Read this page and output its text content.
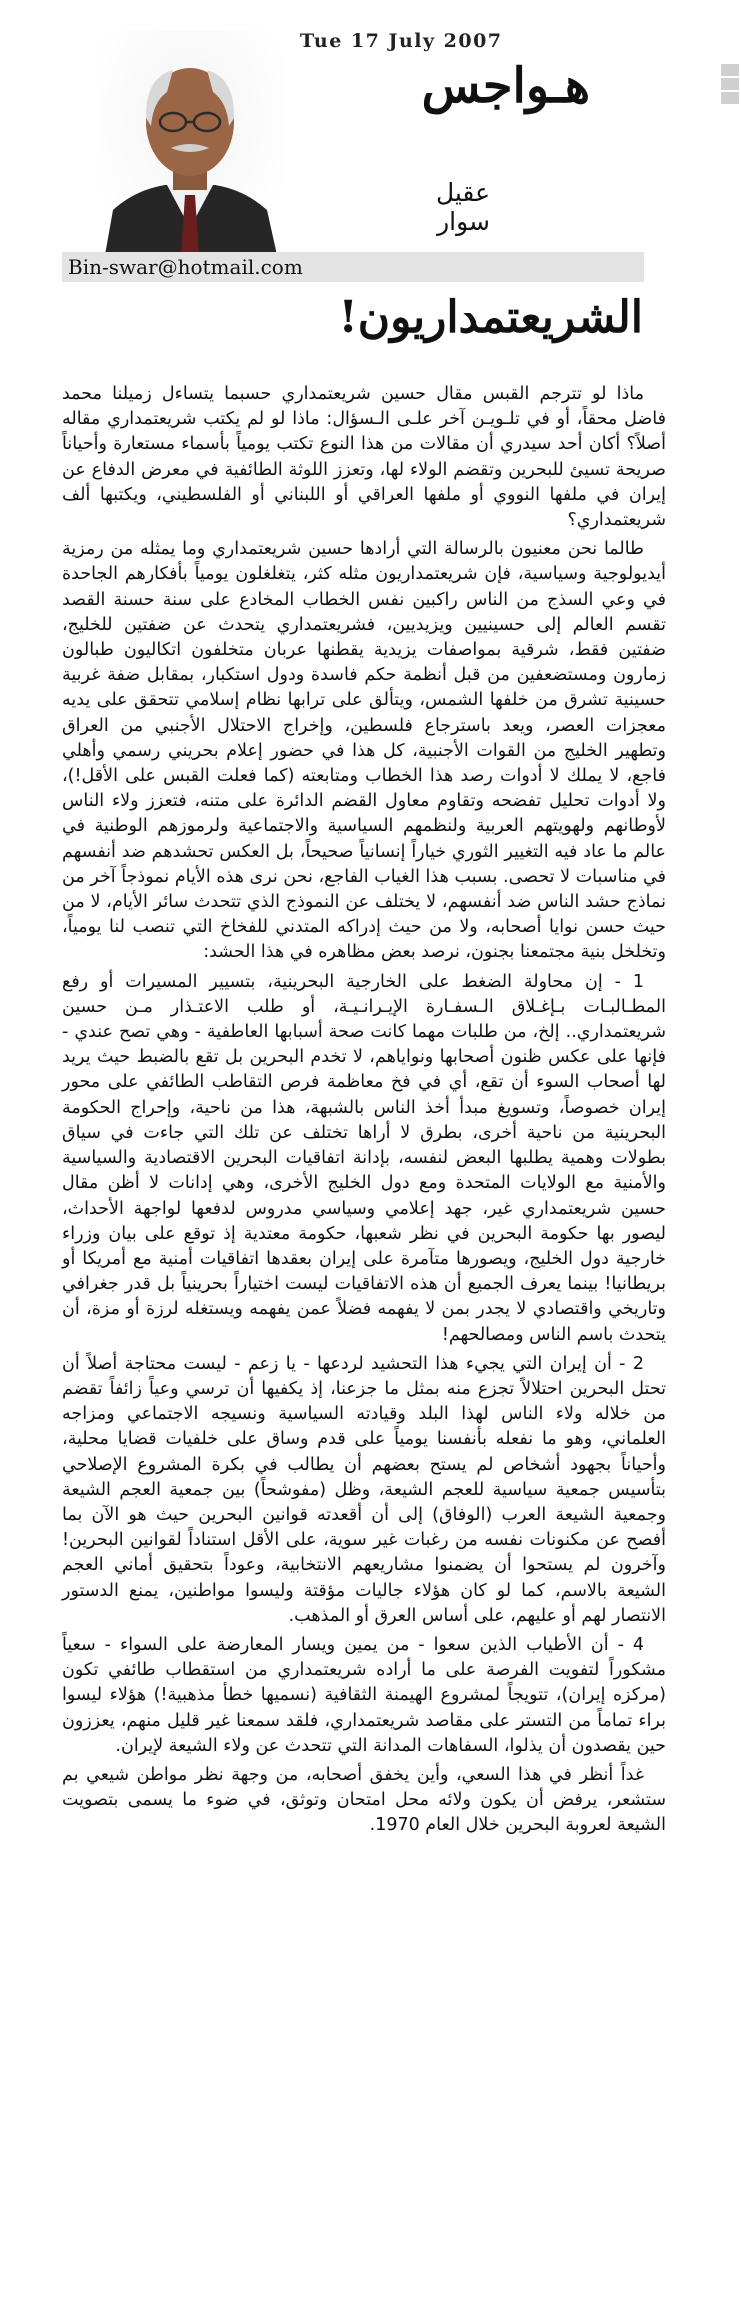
Tue 17 July 2007
هـواجس
عقيل سوار
Bin-swar@hotmail.com
الشريعتمداريون!

ماذا لو تترجم القبس مقال حسين شريعتمداري حسبما يتساءل زميلنا محمد فاضل محقاً، أو في تلـويـن آخر علـى الـسؤال: ماذا لو لم يكتب شريعتمداري مقاله أصلاً؟ أكان أحد سيدري أن مقالات من هذا النوع تكتب يومياً بأسماء مستعارة وأحياناً صريحة تسيئ للبحرين وتقضم الولاء لها، وتعزز اللوثة الطائفية في معرض الدفاع عن إيران في ملفها النووي أو ملفها العراقي أو اللبناني أو الفلسطيني، ويكتبها ألف شريعتمداري؟

طالما نحن معنيون بالرسالة التي أرادها حسين شريعتمداري وما يمثله من رمزية أيديولوجية وسياسية، فإن شريعتمداريون مثله كثر، يتغلغلون يومياً بأفكارهم الجاحدة في وعي السذج من الناس راكبين نفس الخطاب المخادع على سنة حسنة القصد تقسم العالم إلى حسينيين ويزيديين، فشريعتمداري يتحدث عن ضفتين للخليج، ضفتين فقط، شرقية بمواصفات يزيدية يقطنها عربان متخلفون اتكاليون طبالون زمارون ومستضعفين من قبل أنظمة حكم فاسدة ودول استكبار، بمقابل ضفة غربية حسينية تشرق من خلفها الشمس، ويتألق على ترابها نظام إسلامي تتحقق على يديه معجزات العصر، ويعد باسترجاع فلسطين، وإخراج الاحتلال الأجنبي من العراق وتطهير الخليج من القوات الأجنبية، كل هذا في حضور إعلام بحريني رسمي وأهلي فاجع، لا يملك لا أدوات رصد هذا الخطاب ومتابعته (كما فعلت القبس على الأقل!)، ولا أدوات تحليل تفضحه وتقاوم معاول القضم الدائرة على متنه، فتعزز ولاء الناس لأوطانهم ولهويتهم العربية ولنظمهم السياسية والاجتماعية ولرموزهم الوطنية في عالم ما عاد فيه التغيير الثوري خياراً إنسانياً صحيحاً، بل العكس تحشدهم ضد أنفسهم في مناسبات لا تحصى. بسبب هذا الغياب الفاجع، نحن نرى هذه الأيام نموذجاً آخر من نماذج حشد الناس ضد أنفسهم، لا يختلف عن النموذج الذي تتحدث سائر الأيام، لا من حيث حسن نوايا أصحابه، ولا من حيث إدراكه المتدني للفخاخ التي تنصب لنا يومياً، وتخلخل بنية مجتمعنا بجنون، نرصد بعض مظاهره في هذا الحشد:

1 - إن محاولة الضغط على الخارجية البحرينية، بتسيير المسيرات أو رفع المطـالبـات بـإغـلاق الـسفـارة الإيـرانـيـة، أو طلب الاعتـذار مـن حسين شريعتمداري.. إلخ، من طلبات مهما كانت صحة أسبابها العاطفية - وهي تصح عندي - فإنها على عكس ظنون أصحابها ونواياهم، لا تخدم البحرين بل تقع بالضبط حيث يريد لها أصحاب السوء أن تقع، أي في فخ معاظمة فرص التقاطب الطائفي على محور إيران خصوصاً، وتسويغ مبدأ أخذ الناس بالشبهة، هذا من ناحية، وإحراج الحكومة البحرينية من ناحية أخرى، بطرق لا أراها تختلف عن تلك التي جاءت في سياق بطولات وهمية يطلبها البعض لنفسه، بإدانة اتفاقيات البحرين الاقتصادية والسياسية والأمنية مع الولايات المتحدة ومع دول الخليج الأخرى، وهي إدانات لا أظن مقال حسين شريعتمداري غير، جهد إعلامي وسياسي مدروس لدفعها لواجهة الأحداث، ليصور بها حكومة البحرين في نظر شعبها، حكومة معتدية إذ توقع على بيان وزراء خارجية دول الخليج، ويصورها متآمرة على إيران بعقدها اتفاقيات أمنية مع أمريكا أو بريطانيا! بينما يعرف الجميع أن هذه الاتفاقيات ليست اختياراً بحرينياً بل قدر جغرافي وتاريخي واقتصادي لا يجدر بمن لا يفهمه فضلاً عمن يفهمه ويستغله لرزة أو مزة، أن يتحدث باسم الناس ومصالحهم!

2 - أن إيران التي يجيء هذا التحشيد لردعها - يا زعم - ليست محتاجة أصلاً أن تحتل البحرين احتلالاً تجزع منه بمثل ما جزعنا، إذ يكفيها أن ترسي وعياً زائفاً تقضم من خلاله ولاء الناس لهذا البلد وقيادته السياسية ونسيجه الاجتماعي ومزاجه العلماني، وهو ما نفعله بأنفسنا يومياً على قدم وساق على خلفيات قضايا محلية، وأحياناً بجهود أشخاص لم يستح بعضهم أن يطالب في بكرة المشروع الإصلاحي بتأسيس جمعية سياسية للعجم الشيعة، وظل (مفوشحاً) بين جمعية العجم الشيعة وجمعية الشيعة العرب (الوفاق) إلى أن أقعدته قوانين البحرين حيث هو الآن بما أفصح عن مكنونات نفسه من رغبات غير سوية، على الأقل استناداً لقوانين البحرين! وآخرون لم يستحوا أن يضمنوا مشاريعهم الانتخابية، وعوداً بتحقيق أماني العجم الشيعة بالاسم، كما لو كان هؤلاء جاليات مؤقتة وليسوا مواطنين، يمنع الدستور الانتصار لهم أو عليهم، على أساس العرق أو المذهب.

4 - أن الأطياب الذين سعوا - من يمين ويسار المعارضة على السواء - سعياً مشكوراً لتفويت الفرصة على ما أراده شريعتمداري من استقطاب طائفي تكون (مركزه إيران)، تتويجاً لمشروع الهيمنة الثقافية (نسميها خطأ مذهبية!) هؤلاء ليسوا براء تماماً من التستر على مقاصد شريعتمداري، فلقد سمعنا غير قليل منهم، يعززون حين يقصدون أن يذلوا، السفاهات المدانة التي تتحدث عن ولاء الشيعة لإيران.

غداً أنظر في هذا السعي، وأين يخفق أصحابه، من وجهة نظر مواطن شيعي بم ستشعر، يرفض أن يكون ولائه محل امتحان وتوثق، في ضوء ما يسمى بتصويت الشيعة لعروبة البحرين خلال العام 1970.
